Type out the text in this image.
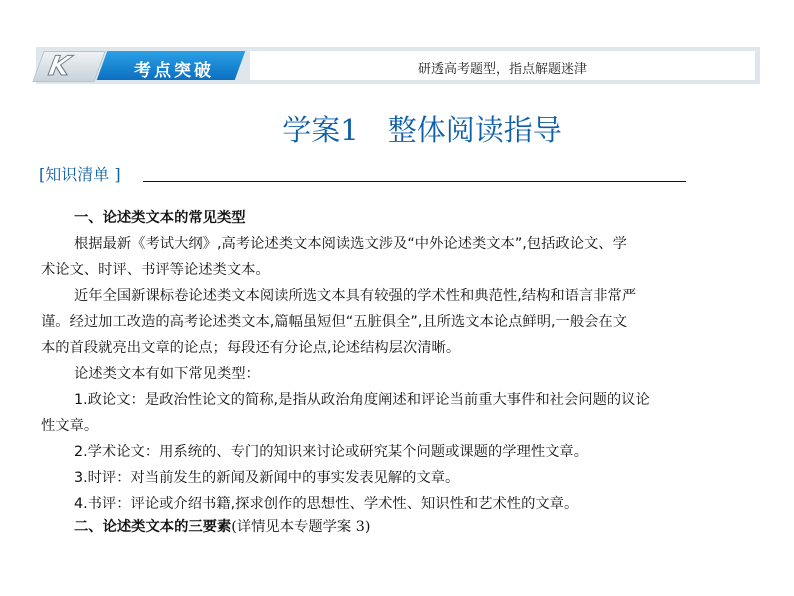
K	考点突破	研透高考题型，指点解题迷津
学案1　整体阅读指导
[知识清单 ]

一、论述类文本的常见类型

根据最新《考试大纲》,高考论述类文本阅读选文涉及“中外论述类文本”,包括政论文、学

术论文、时评、书评等论述类文本。

近年全国新课标卷论述类文本阅读所选文本具有较强的学术性和典范性,结构和语言非常严

谨。经过加工改造的高考论述类文本,篇幅虽短但“五脏俱全”,且所选文本论点鲜明,一般会在文

本的首段就亮出文章的论点；每段还有分论点,论述结构层次清晰。

论述类文本有如下常见类型：

1.政论文：是政治性论文的简称,是指从政治角度阐述和评论当前重大事件和社会问题的议论

性文章。

2.学术论文：用系统的、专门的知识来讨论或研究某个问题或课题的学理性文章。

3.时评：对当前发生的新闻及新闻中的事实发表见解的文章。

4.书评：评论或介绍书籍,探求创作的思想性、学术性、知识性和艺术性的文章。

二、论述类文本的三要素(详情见本专题学案 3)
